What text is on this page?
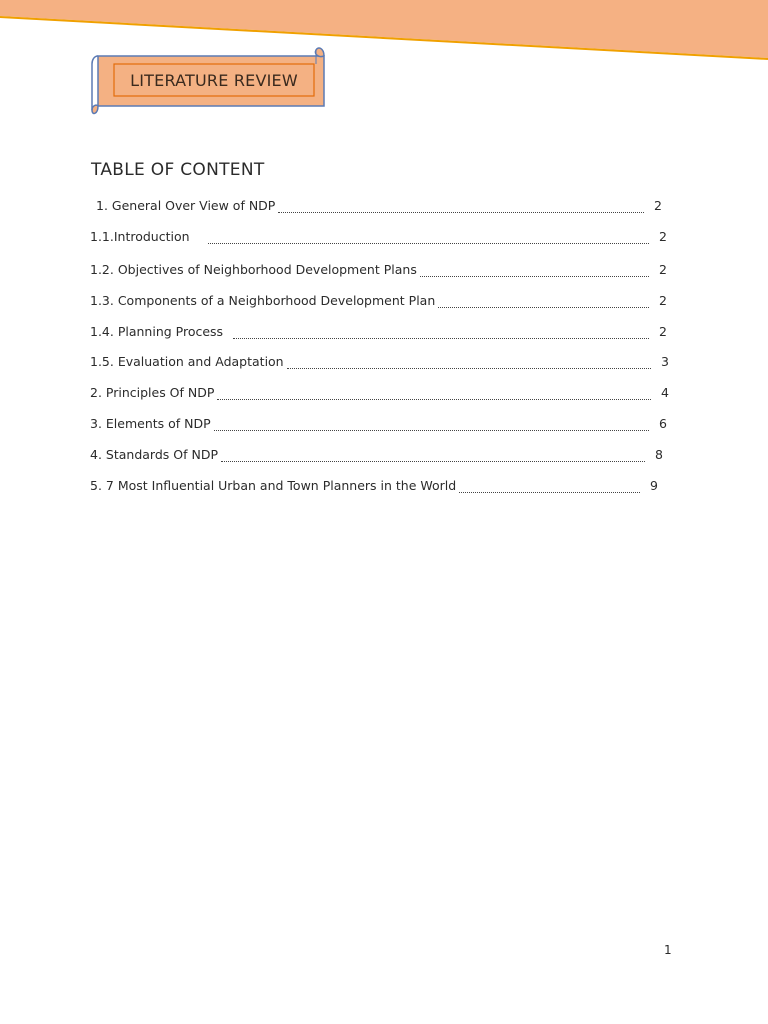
LITERATURE REVIEW
TABLE OF CONTENT
1. General Over View of NDP	2
1.1.Introduction	2
1.2. Objectives of Neighborhood Development Plans	2
1.3. Components of a Neighborhood Development Plan	2
1.4. Planning Process	2
1.5. Evaluation and Adaptation	3
2. Principles Of NDP	4
3. Elements of NDP	6
4. Standards Of NDP	8
5. 7 Most Influential Urban and Town Planners in the World	9
1
